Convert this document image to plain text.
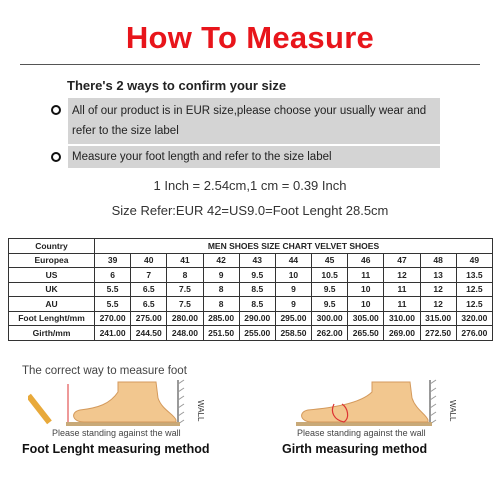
How To Measure
There's 2 ways to confirm your size
All of our product is in EUR size,please choose your usually wear and refer to the size label
Measure your foot length and refer to the size label
1 Inch = 2.54cm,1 cm = 0.39 Inch
Size Refer:EUR 42=US9.0=Foot Lenght 28.5cm
Country	MEN SHOES SIZE CHART VELVET SHOES										
Europea	39	40	41	42	43	44	45	46	47	48	49
US	6	7	8	9	9.5	10	10.5	11	12	13	13.5
UK	5.5	6.5	7.5	8	8.5	9	9.5	10	11	12	12.5
AU	5.5	6.5	7.5	8	8.5	9	9.5	10	11	12	12.5
Foot Lenght/mm	270.00	275.00	280.00	285.00	290.00	295.00	300.00	305.00	310.00	315.00	320.00
Girth/mm	241.00	244.50	248.00	251.50	255.00	258.50	262.00	265.50	269.00	272.50	276.00
The correct way to measure foot
WALL	WALL
Please standing against the wall	Please standing against the wall
Foot Lenght measuring method	Girth measuring method
